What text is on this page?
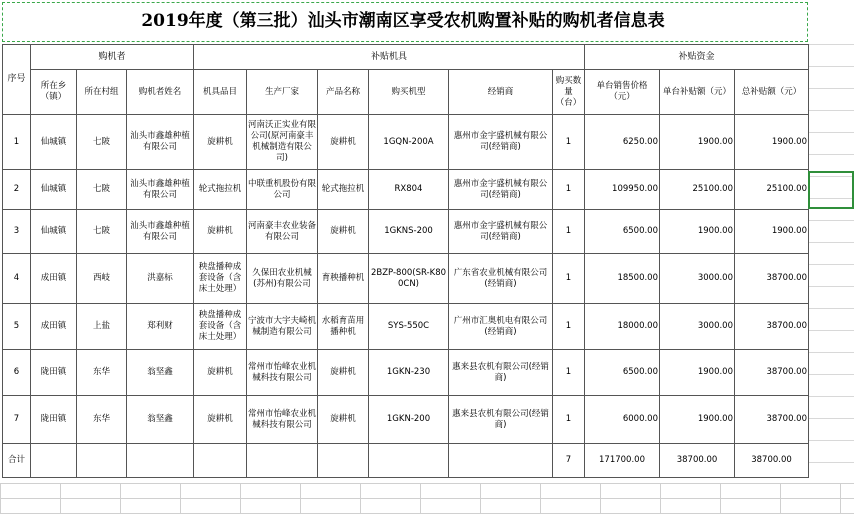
2019年度（第三批）汕头市潮南区享受农机购置补贴的购机者信息表
序号	购机者			补贴机具						补贴资金		
	所在乡（镇）	所在村组	购机者姓名	机具品目	生产厂家	产品名称	购买机型	经销商	购买数量（台）	单台销售价格（元）	单台补贴额（元）	总补贴额（元）
1	仙城镇	七陂	汕头市鑫雄种植有限公司	旋耕机	河南沃正实业有限公司(原河南豪丰机械制造有限公司)	旋耕机	1GQN-200A	惠州市金宇盛机械有限公司(经销商)	1	6250.00	1900.00	1900.00
2	仙城镇	七陂	汕头市鑫雄种植有限公司	轮式拖拉机	中联重机股份有限公司	轮式拖拉机	RX804	惠州市金宇盛机械有限公司(经销商)	1	109950.00	25100.00	25100.00
3	仙城镇	七陂	汕头市鑫雄种植有限公司	旋耕机	河南豪丰农业装备有限公司	旋耕机	1GKNS-200	惠州市金宇盛机械有限公司(经销商)	1	6500.00	1900.00	1900.00
4	成田镇	西岐	洪嘉标	秧盘播种成套设备（含床土处理）	久保田农业机械(苏州)有限公司	育秧播种机	2BZP-800(SR-K800CN)	广东省农业机械有限公司(经销商)	1	18500.00	3000.00	38700.00
5	成田镇	上盐	郑利财	秧盘播种成套设备（含床土处理）	宁波市大宇夫崎机械制造有限公司	水稻育苗用播种机	SYS-550C	广州市汇奥机电有限公司(经销商)	1	18000.00	3000.00	38700.00
6	陇田镇	东华	翁坚鑫	旋耕机	常州市怡峰农业机械科技有限公司	旋耕机	1GKN-230	惠来县农机有限公司(经销商)	1	6500.00	1900.00	38700.00
7	陇田镇	东华	翁坚鑫	旋耕机	常州市怡峰农业机械科技有限公司	旋耕机	1GKN-200	惠来县农机有限公司(经销商)	1	6000.00	1900.00	38700.00
合计									7	171700.00	38700.00	38700.00
